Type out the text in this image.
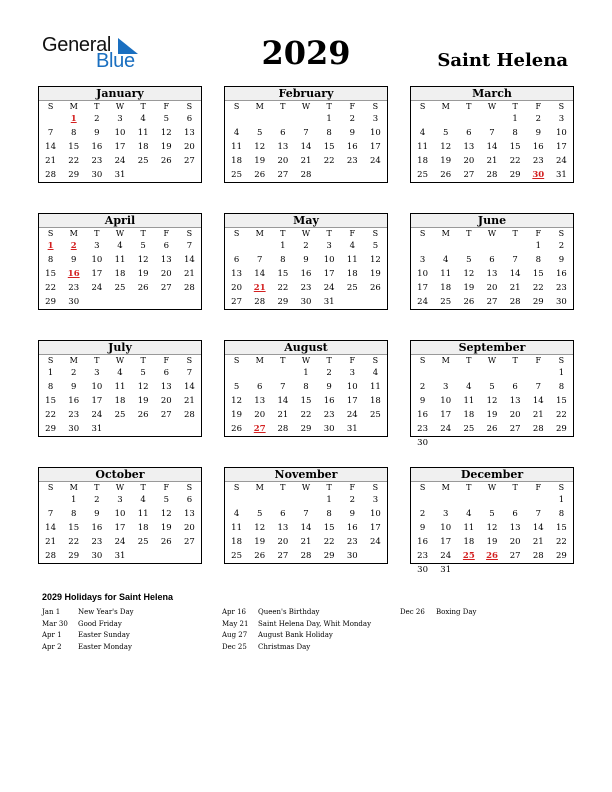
General
Blue	2029	Saint Helena
January
S	M	T	W	T	F	S
	1	2	3	4	5	6
7	8	9	10	11	12	13
14	15	16	17	18	19	20
21	22	23	24	25	26	27
28	29	30	31			
February
S	M	T	W	T	F	S
				1	2	3
4	5	6	7	8	9	10
11	12	13	14	15	16	17
18	19	20	21	22	23	24
25	26	27	28			
March
S	M	T	W	T	F	S
				1	2	3
4	5	6	7	8	9	10
11	12	13	14	15	16	17
18	19	20	21	22	23	24
25	26	27	28	29	30	31
April
S	M	T	W	T	F	S
1	2	3	4	5	6	7
8	9	10	11	12	13	14
15	16	17	18	19	20	21
22	23	24	25	26	27	28
29	30					
May
S	M	T	W	T	F	S
		1	2	3	4	5
6	7	8	9	10	11	12
13	14	15	16	17	18	19
20	21	22	23	24	25	26
27	28	29	30	31		
June
S	M	T	W	T	F	S
					1	2
3	4	5	6	7	8	9
10	11	12	13	14	15	16
17	18	19	20	21	22	23
24	25	26	27	28	29	30
July
S	M	T	W	T	F	S
1	2	3	4	5	6	7
8	9	10	11	12	13	14
15	16	17	18	19	20	21
22	23	24	25	26	27	28
29	30	31				
August
S	M	T	W	T	F	S
			1	2	3	4
5	6	7	8	9	10	11
12	13	14	15	16	17	18
19	20	21	22	23	24	25
26	27	28	29	30	31	
September
S	M	T	W	T	F	S
						1
2	3	4	5	6	7	8
9	10	11	12	13	14	15
16	17	18	19	20	21	22
23	24	25	26	27	28	29
30						
October
S	M	T	W	T	F	S
	1	2	3	4	5	6
7	8	9	10	11	12	13
14	15	16	17	18	19	20
21	22	23	24	25	26	27
28	29	30	31			
November
S	M	T	W	T	F	S
				1	2	3
4	5	6	7	8	9	10
11	12	13	14	15	16	17
18	19	20	21	22	23	24
25	26	27	28	29	30	
December
S	M	T	W	T	F	S
						1
2	3	4	5	6	7	8
9	10	11	12	13	14	15
16	17	18	19	20	21	22
23	24	25	26	27	28	29
30	31					
2029 Holidays for Saint Helena
Jan 1	New Year's Day
Mar 30 Good Friday
Apr 1 Easter Sunday
Apr 2 Easter Monday
Apr 16 Queen's Birthday
May 21 Saint Helena Day, Whit Monday
Aug 27 August Bank Holiday
Dec 25 Christmas Day
Dec 26 Boxing Day
